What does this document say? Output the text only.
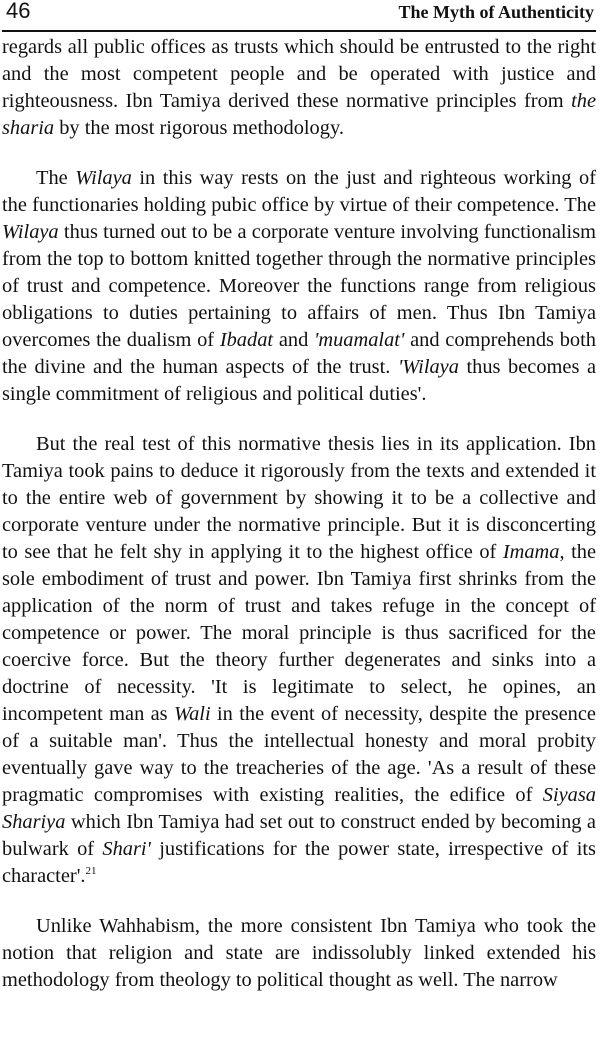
46	The Myth of Authenticity

regards all public offices as trusts which should be entrusted to the right and the most competent people and be operated with justice and righteousness. Ibn Tamiya derived these normative principles from the sharia by the most rigorous methodology.

The Wilaya in this way rests on the just and righteous working of the functionaries holding pubic office by virtue of their competence. The Wilaya thus turned out to be a corporate venture involving functionalism from the top to bottom knitted together through the normative principles of trust and competence. Moreover the functions range from religious obligations to duties pertaining to affairs of men. Thus Ibn Tamiya overcomes the dualism of Ibadat and 'muamalat' and comprehends both the divine and the human aspects of the trust. 'Wilaya thus becomes a single commitment of religious and political duties'.

But the real test of this normative thesis lies in its application. Ibn Tamiya took pains to deduce it rigorously from the texts and extended it to the entire web of government by showing it to be a collective and corporate venture under the normative principle. But it is disconcerting to see that he felt shy in applying it to the highest office of Imama, the sole embodiment of trust and power. Ibn Tamiya first shrinks from the application of the norm of trust and takes refuge in the concept of competence or power. The moral principle is thus sacrificed for the coercive force. But the theory further degenerates and sinks into a doctrine of necessity. 'It is legitimate to select, he opines, an incompetent man as Wali in the event of necessity, despite the presence of a suitable man'. Thus the intellectual honesty and moral probity eventually gave way to the treacheries of the age. 'As a result of these pragmatic compromises with existing realities, the edifice of Siyasa Shariya which Ibn Tamiya had set out to construct ended by becoming a bulwark of Shari' justifications for the power state, irrespective of its character'.$^{21}$

Unlike Wahhabism, the more consistent Ibn Tamiya who took the notion that religion and state are indissolubly linked extended his methodology from theology to political thought as well. The narrow
